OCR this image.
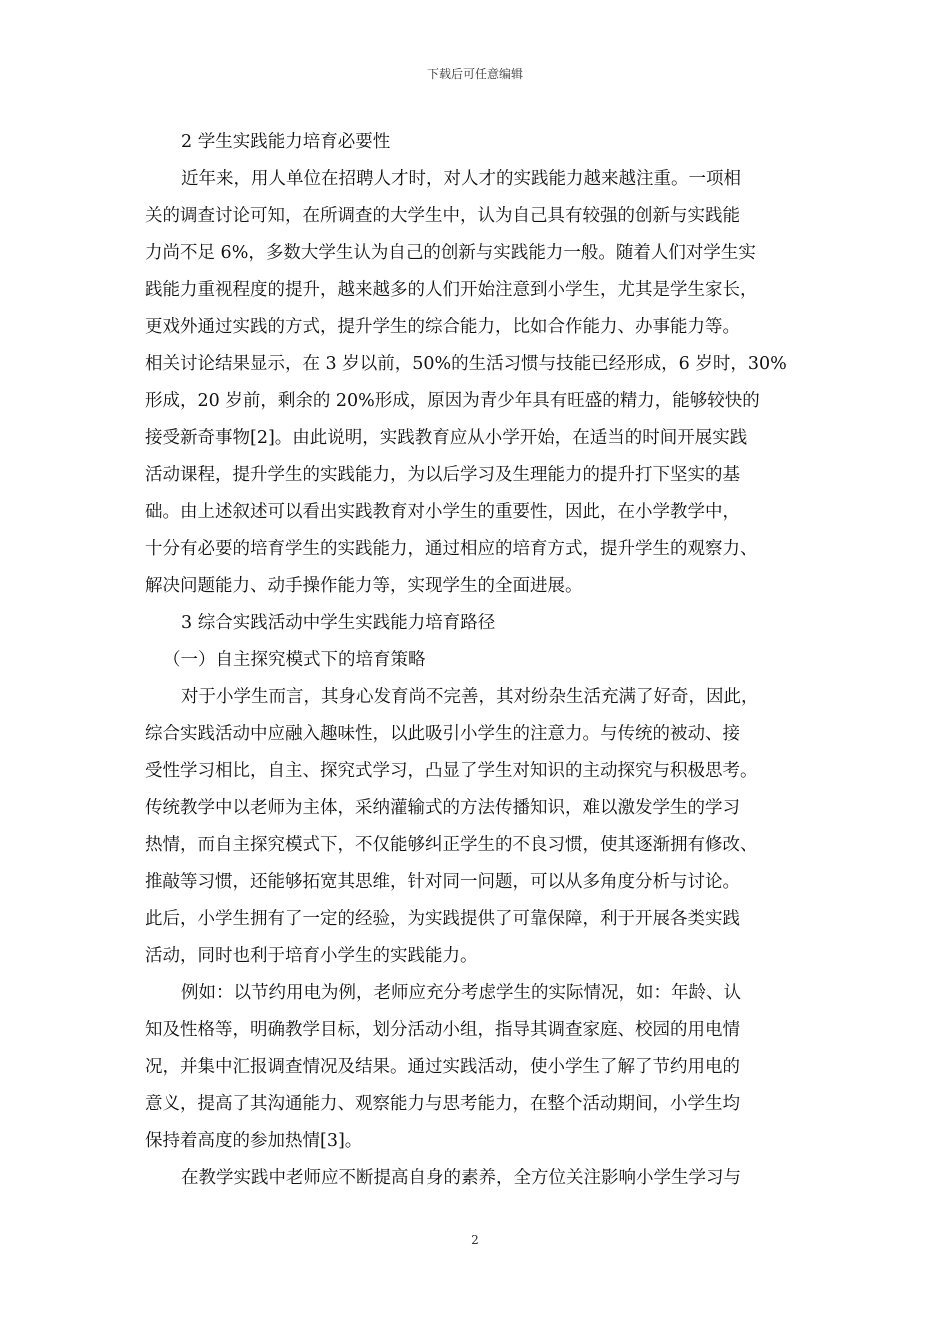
下载后可任意编辑
2 学生实践能力培育必要性
近年来，用人单位在招聘人才时，对人才的实践能力越来越注重。一项相
关的调查讨论可知，在所调查的大学生中，认为自己具有较强的创新与实践能
力尚不足 6%，多数大学生认为自己的创新与实践能力一般。随着人们对学生实
践能力重视程度的提升，越来越多的人们开始注意到小学生，尤其是学生家长，
更戏外通过实践的方式，提升学生的综合能力，比如合作能力、办事能力等。
相关讨论结果显示，在 3 岁以前，50%的生活习惯与技能已经形成，6 岁时，30%
形成，20 岁前，剩余的 20%形成，原因为青少年具有旺盛的精力，能够较快的
接受新奇事物[2]。由此说明，实践教育应从小学开始，在适当的时间开展实践
活动课程，提升学生的实践能力，为以后学习及生理能力的提升打下坚实的基
础。由上述叙述可以看出实践教育对小学生的重要性，因此，在小学教学中，
十分有必要的培育学生的实践能力，通过相应的培育方式，提升学生的观察力、
解决问题能力、动手操作能力等，实现学生的全面进展。
3 综合实践活动中学生实践能力培育路径
（一）自主探究模式下的培育策略
对于小学生而言，其身心发育尚不完善，其对纷杂生活充满了好奇，因此，
综合实践活动中应融入趣味性，以此吸引小学生的注意力。与传统的被动、接
受性学习相比，自主、探究式学习，凸显了学生对知识的主动探究与积极思考。
传统教学中以老师为主体，采纳灌输式的方法传播知识，难以激发学生的学习
热情，而自主探究模式下，不仅能够纠正学生的不良习惯，使其逐渐拥有修改、
推敲等习惯，还能够拓宽其思维，针对同一问题，可以从多角度分析与讨论。
此后，小学生拥有了一定的经验，为实践提供了可靠保障，利于开展各类实践
活动，同时也利于培育小学生的实践能力。
例如：以节约用电为例，老师应充分考虑学生的实际情况，如：年龄、认
知及性格等，明确教学目标，划分活动小组，指导其调查家庭、校园的用电情
况，并集中汇报调查情况及结果。通过实践活动，使小学生了解了节约用电的
意义，提高了其沟通能力、观察能力与思考能力，在整个活动期间，小学生均
保持着高度的参加热情[3]。
在教学实践中老师应不断提高自身的素养，全方位关注影响小学生学习与
2
